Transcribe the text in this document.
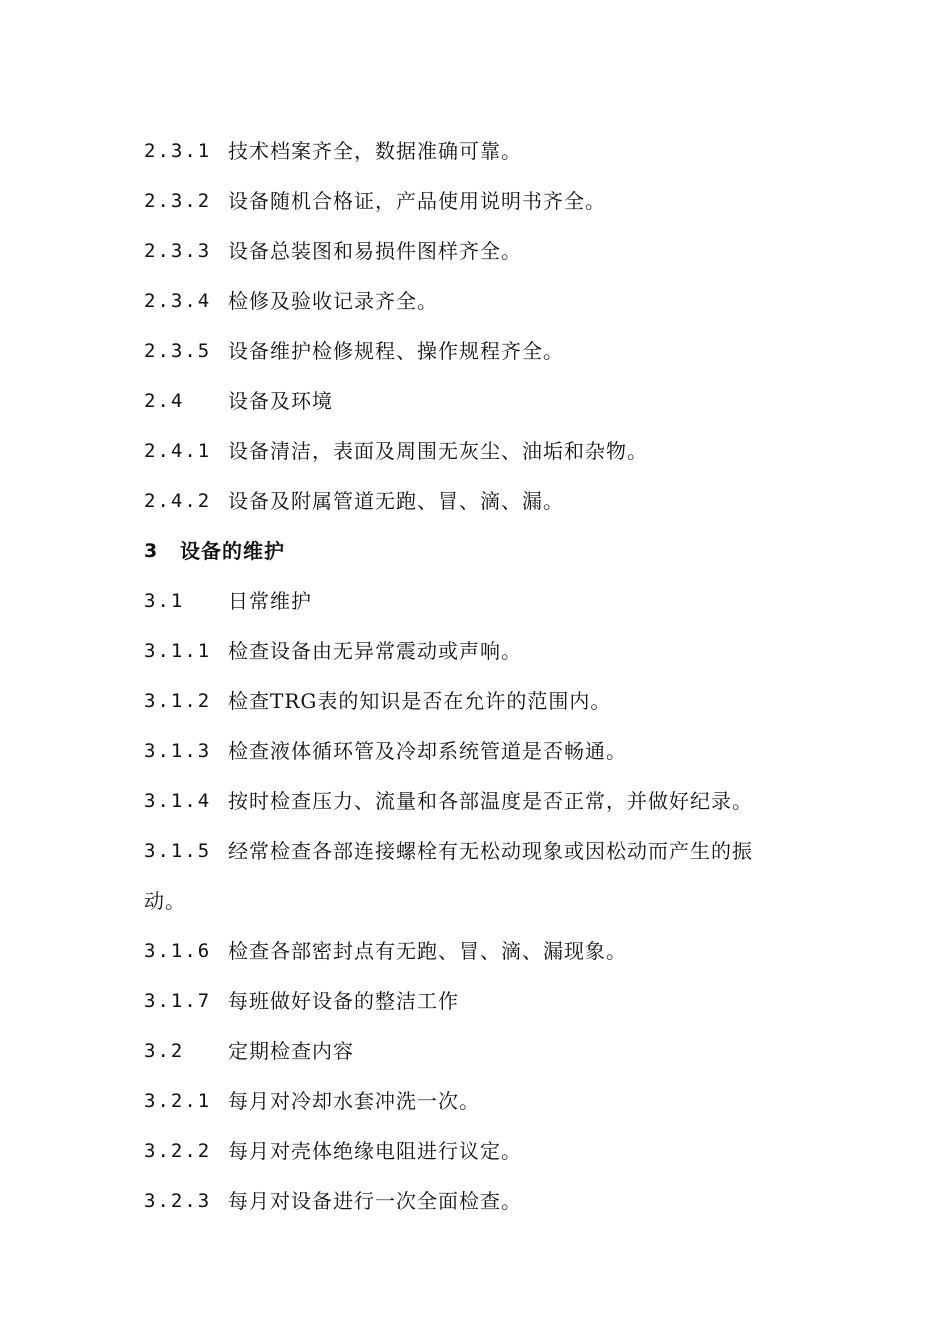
2.3.1 技术档案齐全，数据准确可靠。
2.3.2 设备随机合格证，产品使用说明书齐全。
2.3.3 设备总装图和易损件图样齐全。
2.3.4 检修及验收记录齐全。
2.3.5 设备维护检修规程、操作规程齐全。
2.4 设备及环境
2.4.1 设备清洁，表面及周围无灰尘、油垢和杂物。
2.4.2 设备及附属管道无跑、冒、滴、漏。
3 设备的维护
3.1 日常维护
3.1.1 检查设备由无异常震动或声响。
3.1.2 检查TRG表的知识是否在允许的范围内。
3.1.3 检查液体循环管及冷却系统管道是否畅通。
3.1.4 按时检查压力、流量和各部温度是否正常，并做好纪录。
3.1.5 经常检查各部连接螺栓有无松动现象或因松动而产生的振
动。
3.1.6 检查各部密封点有无跑、冒、滴、漏现象。
3.1.7 每班做好设备的整洁工作
3.2 定期检查内容
3.2.1 每月对冷却水套冲洗一次。
3.2.2 每月对壳体绝缘电阻进行议定。
3.2.3 每月对设备进行一次全面检查。
